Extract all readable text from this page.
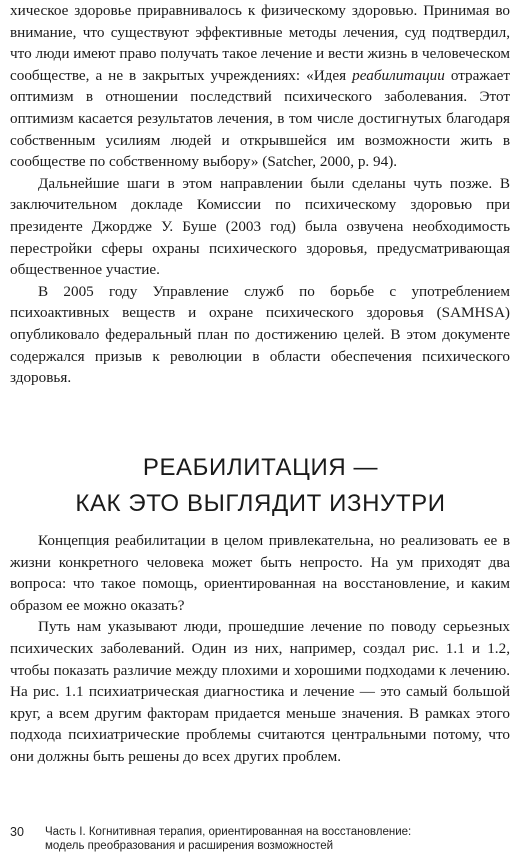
хическое здоровье приравнивалось к физическому здоровью. Принимая во внимание, что существуют эффективные методы лечения, суд подтвердил, что люди имеют право получать такое лечение и вести жизнь в человеческом сообществе, а не в закрытых учреждениях: «Идея реабилитации отражает оптимизм в отношении последствий психического заболевания. Этот оптимизм касается результатов лечения, в том числе достигнутых благодаря собственным усилиям людей и открывшейся им возможности жить в сообществе по собственному выбору» (Satcher, 2000, p. 94).

Дальнейшие шаги в этом направлении были сделаны чуть позже. В заключительном докладе Комиссии по психическому здоровью при президенте Джордже У. Буше (2003 год) была озвучена необходимость перестройки сферы охраны психического здоровья, предусматривающая общественное участие.

В 2005 году Управление служб по борьбе с употреблением психоактивных веществ и охране психического здоровья (SAMHSA) опубликовало федеральный план по достижению целей. В этом документе содержался призыв к революции в области обеспечения психического здоровья.

РЕАБИЛИТАЦИЯ —
КАК ЭТО ВЫГЛЯДИТ ИЗНУТРИ

Концепция реабилитации в целом привлекательна, но реализовать ее в жизни конкретного человека может быть непросто. На ум приходят два вопроса: что такое помощь, ориентированная на восстановление, и каким образом ее можно оказать?

Путь нам указывают люди, прошедшие лечение по поводу серьезных психических заболеваний. Один из них, например, создал рис. 1.1 и 1.2, чтобы показать различие между плохими и хорошими подходами к лечению. На рис. 1.1 психиатрическая диагностика и лечение — это самый большой круг, а всем другим факторам придается меньше значения. В рамках этого подхода психиатрические проблемы считаются центральными потому, что они должны быть решены до всех других проблем.

30 Часть I. Когнитивная терапия, ориентированная на восстановление:
модель преобразования и расширения возможностей
